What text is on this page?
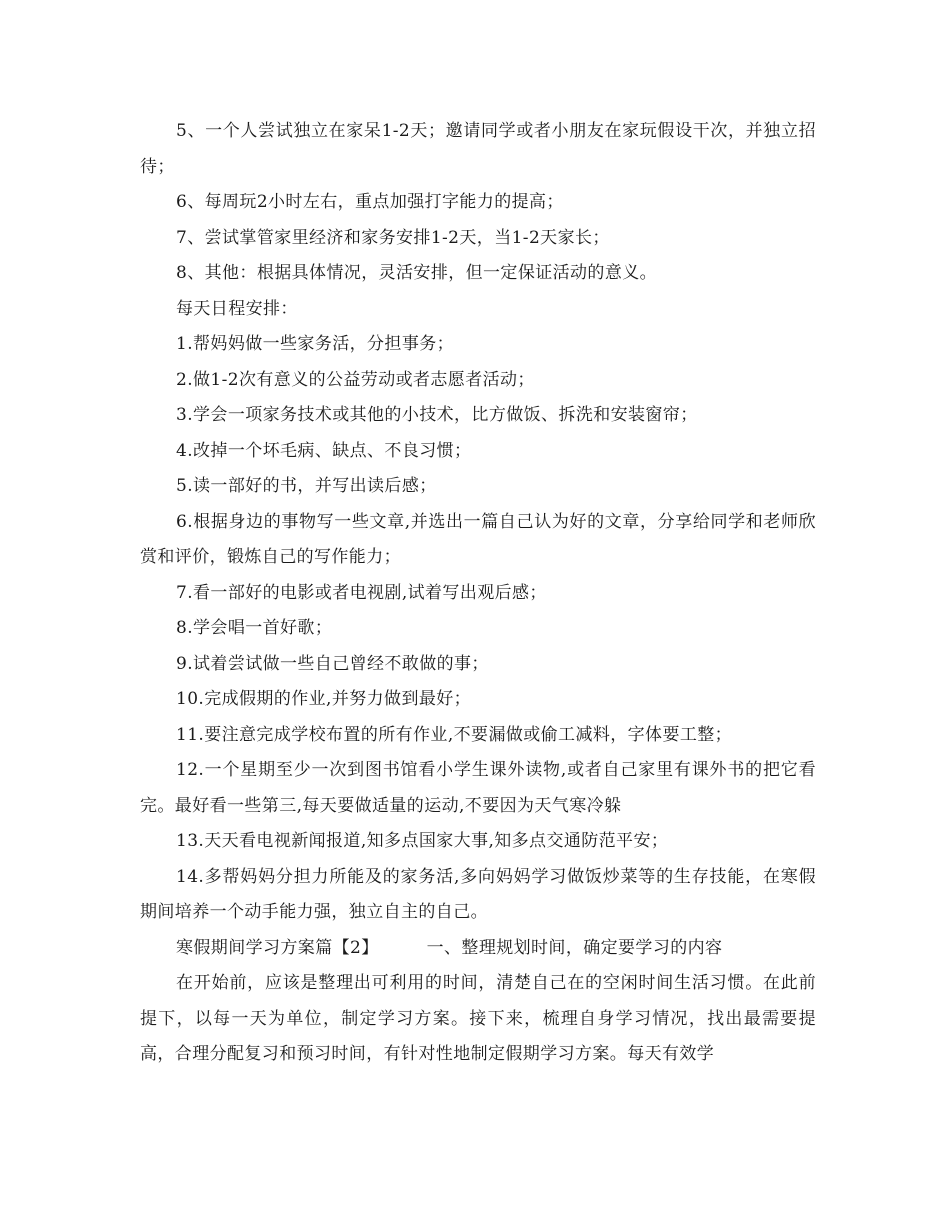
5、一个人尝试独立在家呆1-2天；邀请同学或者小朋友在家玩假设干次，并独立招待；

6、每周玩2小时左右，重点加强打字能力的提高；

7、尝试掌管家里经济和家务安排1-2天，当1-2天家长；

8、其他：根据具体情况，灵活安排，但一定保证活动的意义。

每天日程安排：

1.帮妈妈做一些家务活，分担事务；

2.做1-2次有意义的公益劳动或者志愿者活动；

3.学会一项家务技术或其他的小技术，比方做饭、拆洗和安装窗帘；

4.改掉一个坏毛病、缺点、不良习惯；

5.读一部好的书，并写出读后感；

6.根据身边的事物写一些文章,并选出一篇自己认为好的文章，分享给同学和老师欣赏和评价，锻炼自己的写作能力；

7.看一部好的电影或者电视剧,试着写出观后感；

8.学会唱一首好歌；

9.试着尝试做一些自己曾经不敢做的事；

10.完成假期的作业,并努力做到最好；

11.要注意完成学校布置的所有作业,不要漏做或偷工减料，字体要工整；

12.一个星期至少一次到图书馆看小学生课外读物,或者自己家里有课外书的把它看完。最好看一些第三,每天要做适量的运动,不要因为天气寒冷躲

13.天天看电视新闻报道,知多点国家大事,知多点交通防范平安；

14.多帮妈妈分担力所能及的家务活,多向妈妈学习做饭炒菜等的生存技能，在寒假期间培养一个动手能力强，独立自主的自己。

寒假期间学习方案篇【2】	一、整理规划时间，确定要学习的内容

在开始前，应该是整理出可利用的时间，清楚自己在的空闲时间生活习惯。在此前提下，以每一天为单位，制定学习方案。接下来，梳理自身学习情况，找出最需要提高，合理分配复习和预习时间，有针对性地制定假期学习方案。每天有效学
